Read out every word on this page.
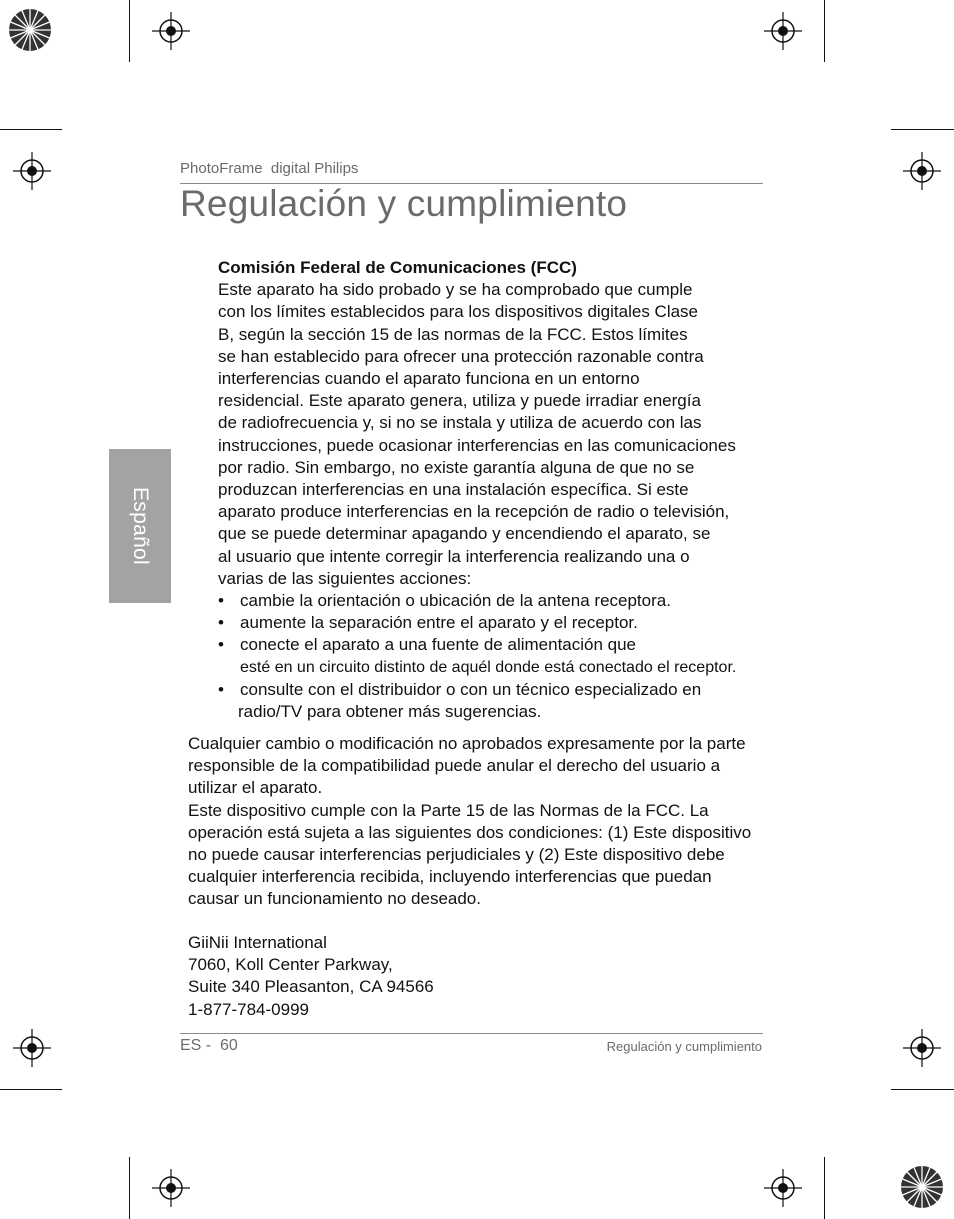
PhotoFrame  digital Philips
Regulación y cumplimiento
Español
Comisión Federal de Comunicaciones (FCC)
Este aparato ha sido probado y se ha comprobado que cumple
con los límites establecidos para los dispositivos digitales Clase
B, según la sección 15 de las normas de la FCC. Estos límites
se han establecido para ofrecer una protección razonable contra
interferencias cuando el aparato funciona en un entorno
residencial. Este aparato genera, utiliza y puede irradiar energía
de radiofrecuencia y, si no se instala y utiliza de acuerdo con las
instrucciones, puede ocasionar interferencias en las comunicaciones
por radio. Sin embargo, no existe garantía alguna de que no se
produzcan interferencias en una instalación específica. Si este
aparato produce interferencias en la recepción de radio o televisión,
que se puede determinar apagando y encendiendo el aparato, se
al usuario que intente corregir la interferencia realizando una o
varias de las siguientes acciones:
• cambie la orientación o ubicación de la antena receptora.
• aumente la separación entre el aparato y el receptor.
• conecte el aparato a una fuente de alimentación que
esté en un circuito distinto de aquél donde está conectado el receptor.
• consulte con el distribuidor o con un técnico especializado en
radio/TV para obtener más sugerencias.
Cualquier cambio o modificación no aprobados expresamente por la parte
responsible de la compatibilidad puede anular el derecho del usuario a
utilizar el aparato.
Este dispositivo cumple con la Parte 15 de las Normas de la FCC. La
operación está sujeta a las siguientes dos condiciones: (1) Este dispositivo
no puede causar interferencias perjudiciales y (2) Este dispositivo debe
cualquier interferencia recibida, incluyendo interferencias que puedan
causar un funcionamiento no deseado.
GiiNii International
7060, Koll Center Parkway,
Suite 340 Pleasanton, CA 94566
1-877-784-0999
ES -  60	Regulación y cumplimiento
